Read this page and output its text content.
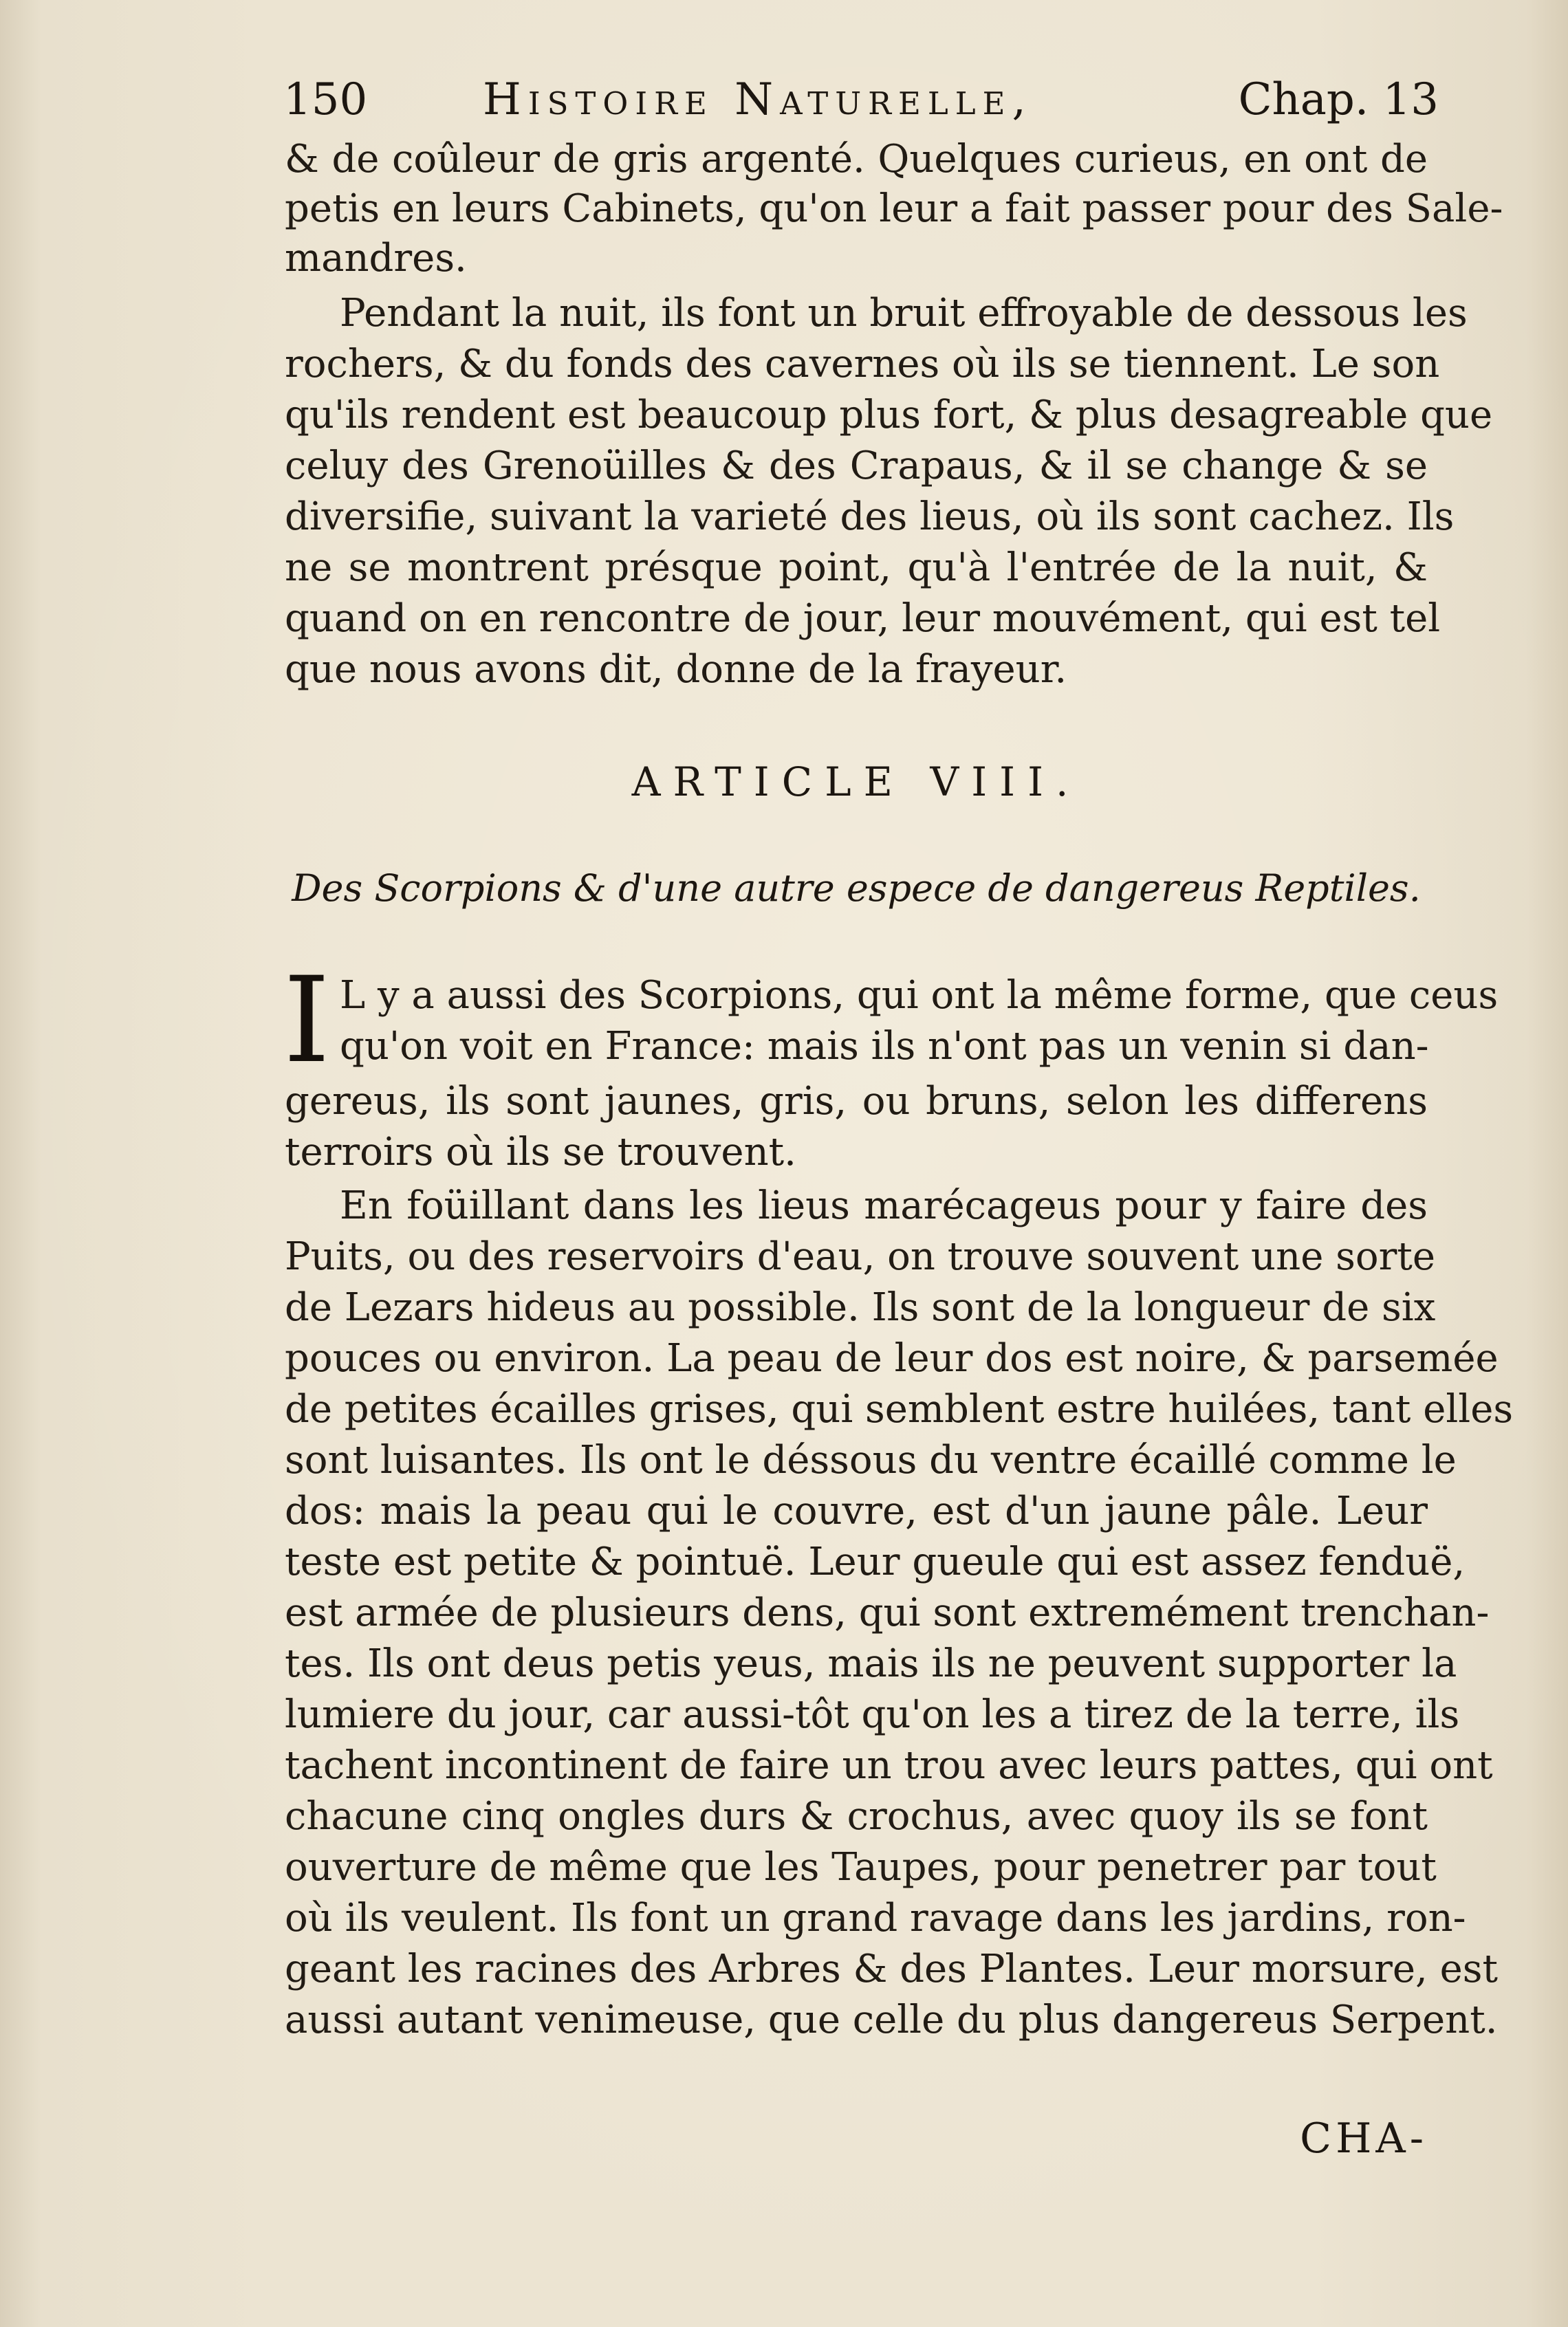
150	Histoire Naturelle,	Chap. 13
& de coûleur de gris argenté. Quelques curieus, en ont de
petis en leurs Cabinets, qu'on leur a fait passer pour des Sale-
mandres.
Pendant la nuit, ils font un bruit effroyable de dessous les
rochers, & du fonds des cavernes où ils se tiennent. Le son
qu'ils rendent est beaucoup plus fort, & plus desagreable que
celuy des Grenoüilles & des Crapaus, & il se change & se
diversifie, suivant la varieté des lieus, où ils sont cachez. Ils
ne se montrent présque point, qu'à l'entrée de la nuit, &
quand on en rencontre de jour, leur mouvément, qui est tel
que nous avons dit, donne de la frayeur.
ARTICLE VIII.
Des Scorpions & d'une autre espece de dangereus Reptiles.
I L y a aussi des Scorpions, qui ont la même forme, que ceus
qu'on voit en France: mais ils n'ont pas un venin si dan-
gereus, ils sont jaunes, gris, ou bruns, selon les differens
terroirs où ils se trouvent.
En foüillant dans les lieus marécageus pour y faire des
Puits, ou des reservoirs d'eau, on trouve souvent une sorte
de Lezars hideus au possible. Ils sont de la longueur de six
pouces ou environ. La peau de leur dos est noire, & parsemée
de petites écailles grises, qui semblent estre huilées, tant elles
sont luisantes. Ils ont le déssous du ventre écaillé comme le
dos: mais la peau qui le couvre, est d'un jaune pâle. Leur
teste est petite & pointuë. Leur gueule qui est assez fenduë,
est armée de plusieurs dens, qui sont extremément trenchan-
tes. Ils ont deus petis yeus, mais ils ne peuvent supporter la
lumiere du jour, car aussi-tôt qu'on les a tirez de la terre, ils
tachent incontinent de faire un trou avec leurs pattes, qui ont
chacune cinq ongles durs & crochus, avec quoy ils se font
ouverture de même que les Taupes, pour penetrer par tout
où ils veulent. Ils font un grand ravage dans les jardins, ron-
geant les racines des Arbres & des Plantes. Leur morsure, est
aussi autant venimeuse, que celle du plus dangereus Serpent.
CHA-
